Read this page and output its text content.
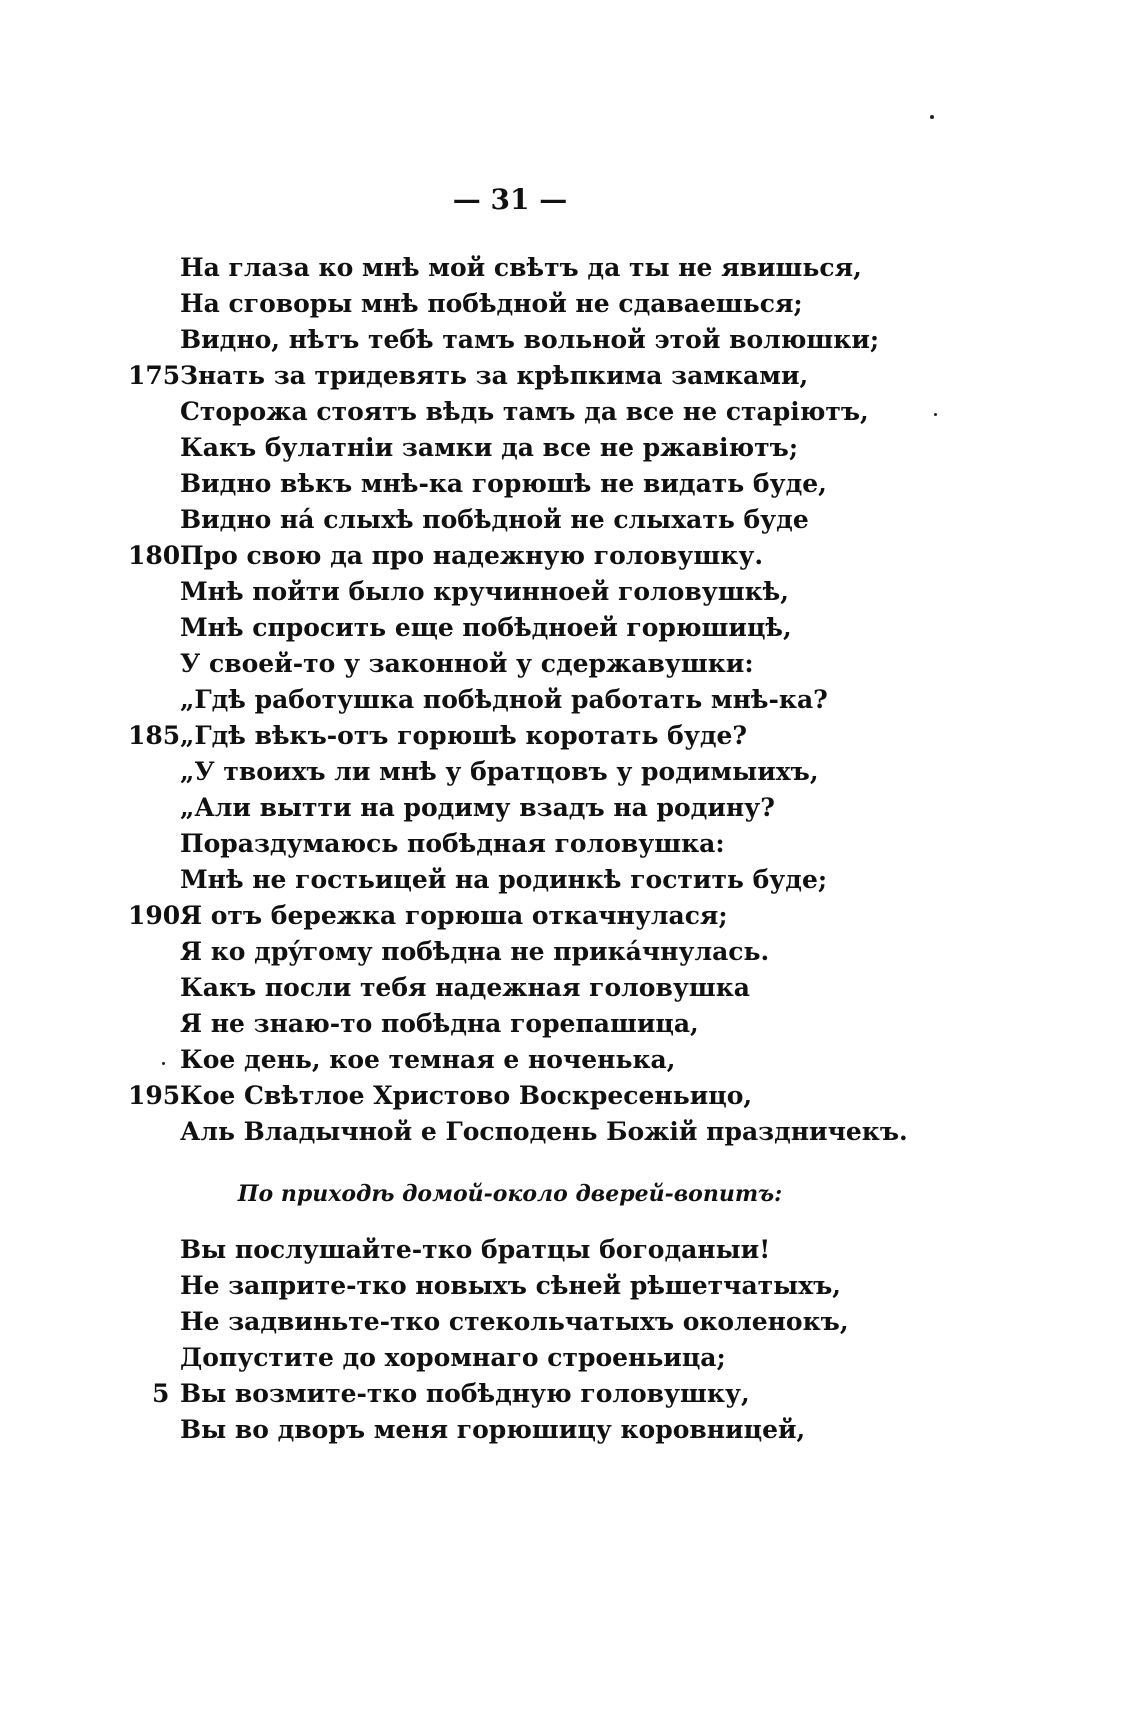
— 31 —
На глаза ко мнѣ мой свѣтъ да ты не явишься,
На сговоры мнѣ побѣдной не сдаваешься;
Видно, нѣтъ тебѣ тамъ вольной этой волюшки;
175 Знать за тридевять за крѣпкима замками,
Сторожа стоятъ вѣдь тамъ да все не старiютъ,
Какъ булатнiи замки да все не ржавiютъ;
Видно вѣкъ мнѣ-ка горюшѣ не видать буде,
Видно нá слыхѣ побѣдной не слыхать буде
180 Про свою да про надежную головушку.
Мнѣ пойти было кручинноей головушкѣ,
Мнѣ спросить еще побѣдноей горюшицѣ,
У своей-то у законной у сдержавушки:
„Гдѣ работушка побѣдной работать мнѣ-ка?
185 „Гдѣ вѣкъ-отъ горюшѣ коротать буде?
„У твоихъ ли мнѣ у братцовъ у родимыихъ,
„Али вытти на родиму взадъ на родину?
Пораздумаюсь побѣдная головушка:
Мнѣ не гостьицей на родинкѣ гостить буде;
190 Я отъ бережка горюша откачнулася;
Я ко дрýгому побѣдна не прикáчнулась.
Какъ посли тебя надежная головушка
Я не знаю-то побѣдна горепашица,
Кое день, кое темная е ноченька,
195 Кое Свѣтлое Христово Воскресеньицо,
Аль Владычной е Господень Божiй праздничекъ.
По приходѣ домой-около дверей-вопитъ:
Вы послушайте-тко братцы богоданыи!
Не заприте-тко новыхъ сѣней рѣшетчатыхъ,
Не задвиньте-тко стекольчатыхъ околенокъ,
Допустите до хоромнаго строеньица;
5 Вы возмите-тко побѣдную головушку,
Вы во дворъ меня горюшицу коровницей,
